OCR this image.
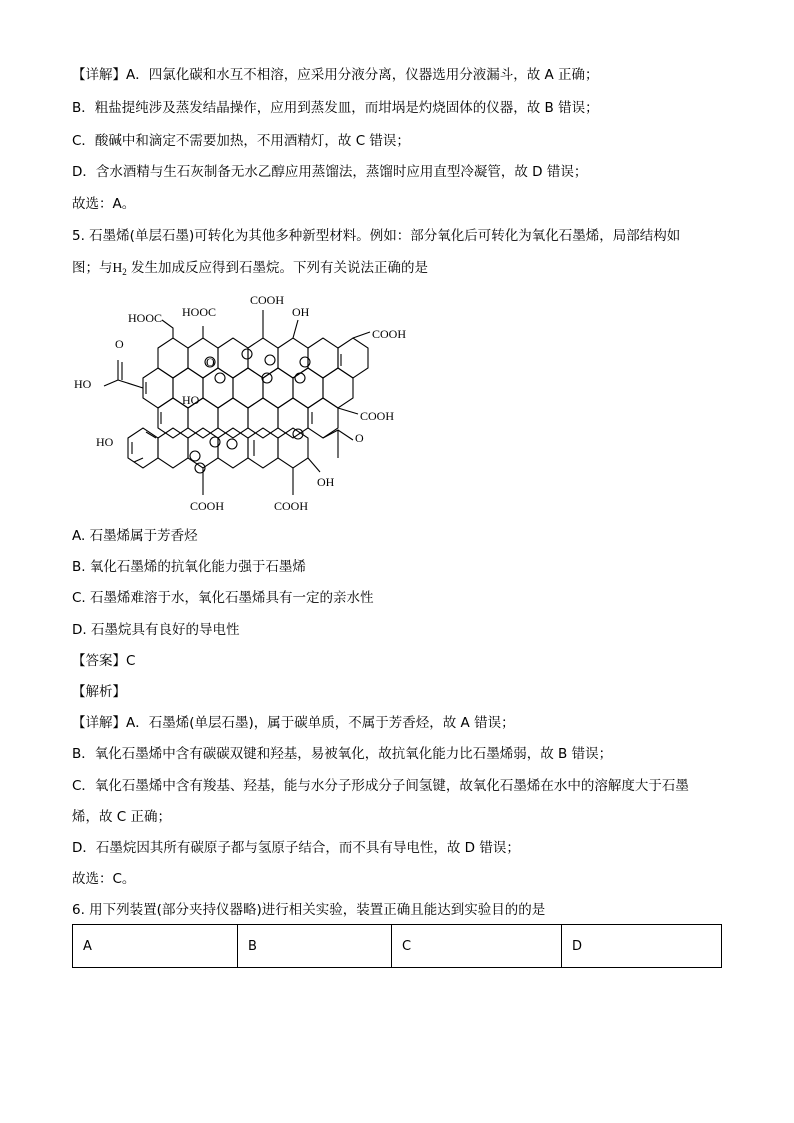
【详解】A．四氯化碳和水互不相溶，应采用分液分离，仪器选用分液漏斗，故 A 正确；
B．粗盐提纯涉及蒸发结晶操作，应用到蒸发皿，而坩埚是灼烧固体的仪器，故 B 错误；
C．酸碱中和滴定不需要加热，不用酒精灯，故 C 错误；
D．含水酒精与生石灰制备无水乙醇应用蒸馏法，蒸馏时应用直型冷凝管，故 D 错误；
故选：A。
5. 石墨烯(单层石墨)可转化为其他多种新型材料。例如：部分氧化后可转化为氧化石墨烯，局部结构如
图；与$H_2$ 发生加成反应得到石墨烷。下列有关说法正确的是
HOOC HOOC
COOH
OH
COOH
O
HO
COOH
HO
O
HO
COOH	COOH
OH
O
A. 石墨烯属于芳香烃
B. 氧化石墨烯的抗氧化能力强于石墨烯
C. 石墨烯难溶于水，氧化石墨烯具有一定的亲水性
D. 石墨烷具有良好的导电性
【答案】C
【解析】
【详解】A．石墨烯(单层石墨)，属于碳单质，不属于芳香烃，故 A 错误；
B．氧化石墨烯中含有碳碳双键和羟基，易被氧化，故抗氧化能力比石墨烯弱，故 B 错误；
C．氧化石墨烯中含有羧基、羟基，能与水分子形成分子间氢键，故氧化石墨烯在水中的溶解度大于石墨
烯，故 C 正确；
D．石墨烷因其所有碳原子都与氢原子结合，而不具有导电性，故 D 错误；
故选：C。
6. 用下列装置(部分夹持仪器略)进行相关实验，装置正确且能达到实验目的的是
A	B	C	D
